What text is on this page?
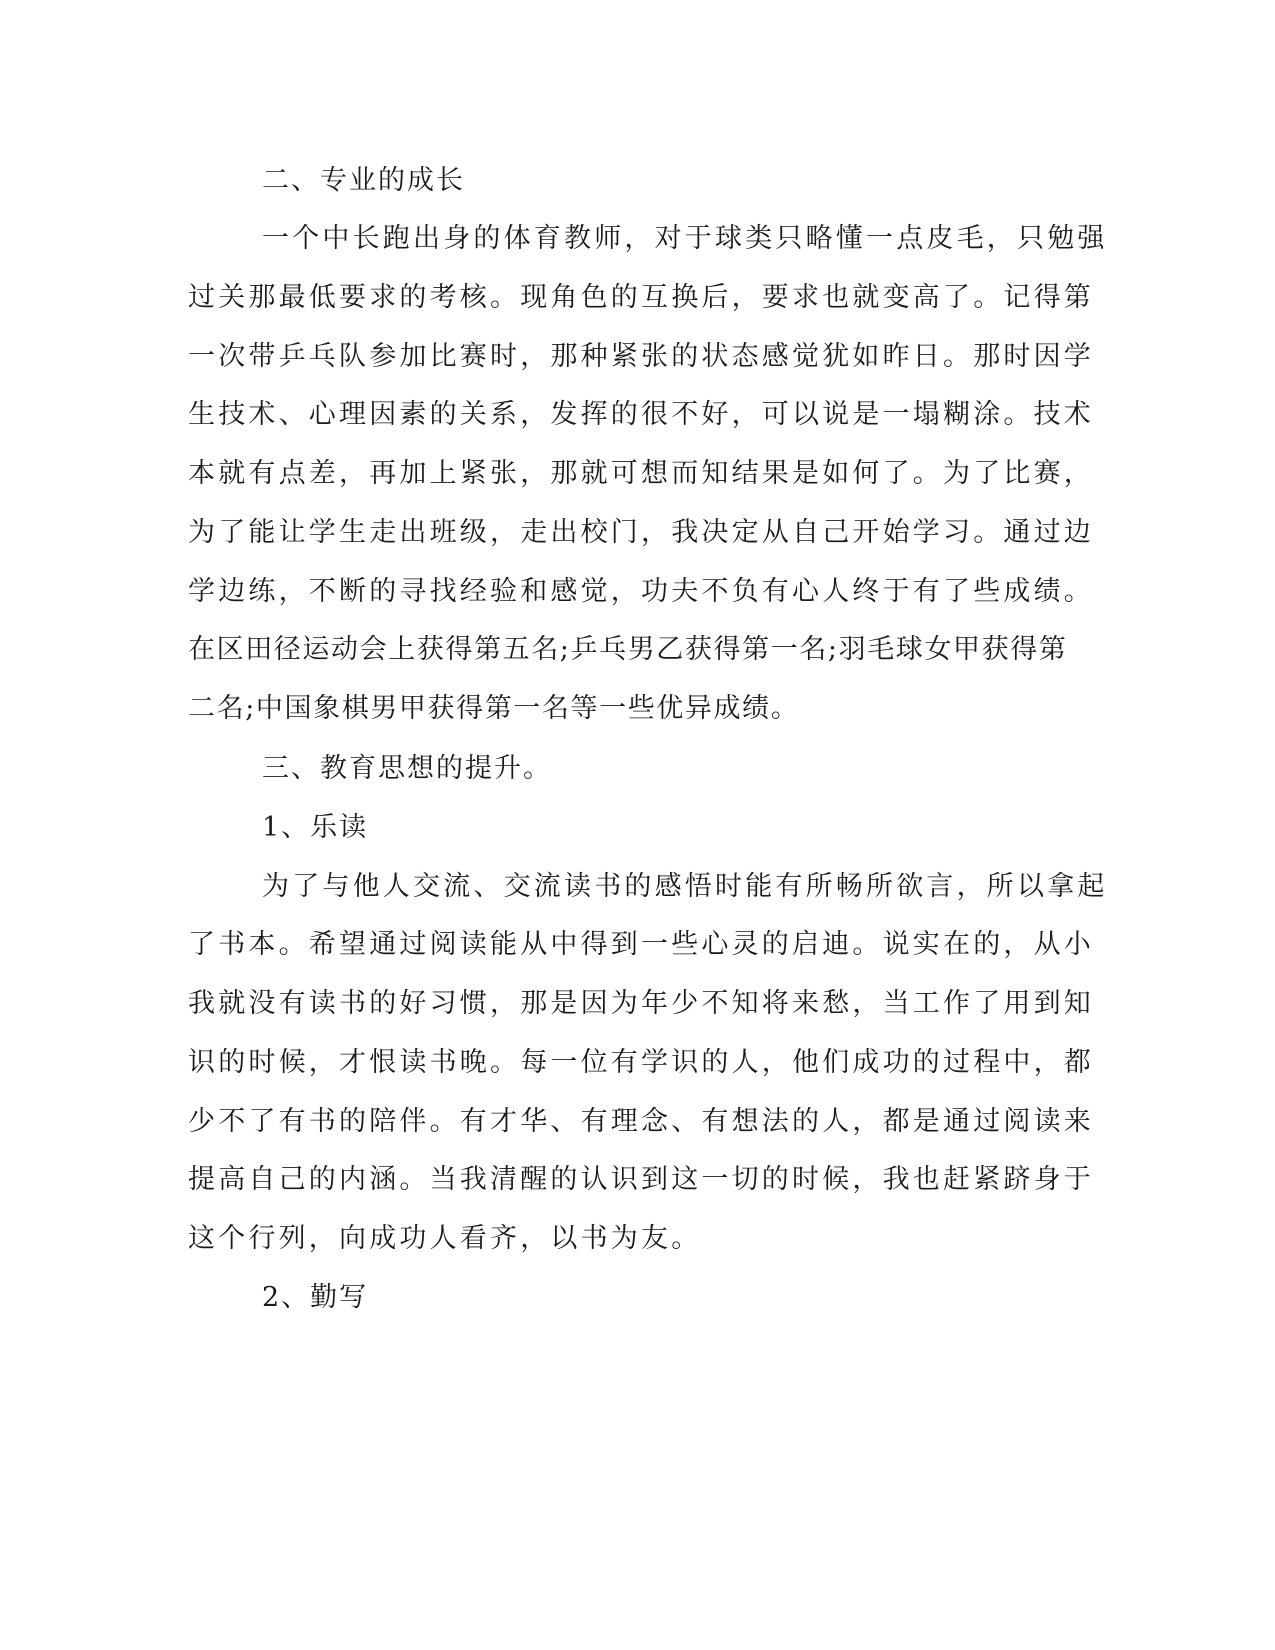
二、专业的成长
一个中长跑出身的体育教师，对于球类只略懂一点皮毛，只勉强
过关那最低要求的考核。现角色的互换后，要求也就变高了。记得第
一次带乒乓队参加比赛时，那种紧张的状态感觉犹如昨日。那时因学
生技术、心理因素的关系，发挥的很不好，可以说是一塌糊涂。技术
本就有点差，再加上紧张，那就可想而知结果是如何了。为了比赛，
为了能让学生走出班级，走出校门，我决定从自己开始学习。通过边
学边练，不断的寻找经验和感觉，功夫不负有心人终于有了些成绩。
在区田径运动会上获得第五名;乒乓男乙获得第一名;羽毛球女甲获得第
二名;中国象棋男甲获得第一名等一些优异成绩。
三、教育思想的提升。
1、乐读
为了与他人交流、交流读书的感悟时能有所畅所欲言，所以拿起
了书本。希望通过阅读能从中得到一些心灵的启迪。说实在的，从小
我就没有读书的好习惯，那是因为年少不知将来愁，当工作了用到知
识的时候，才恨读书晚。每一位有学识的人，他们成功的过程中，都
少不了有书的陪伴。有才华、有理念、有想法的人，都是通过阅读来
提高自己的内涵。当我清醒的认识到这一切的时候，我也赶紧跻身于
这个行列，向成功人看齐，以书为友。
2、勤写
